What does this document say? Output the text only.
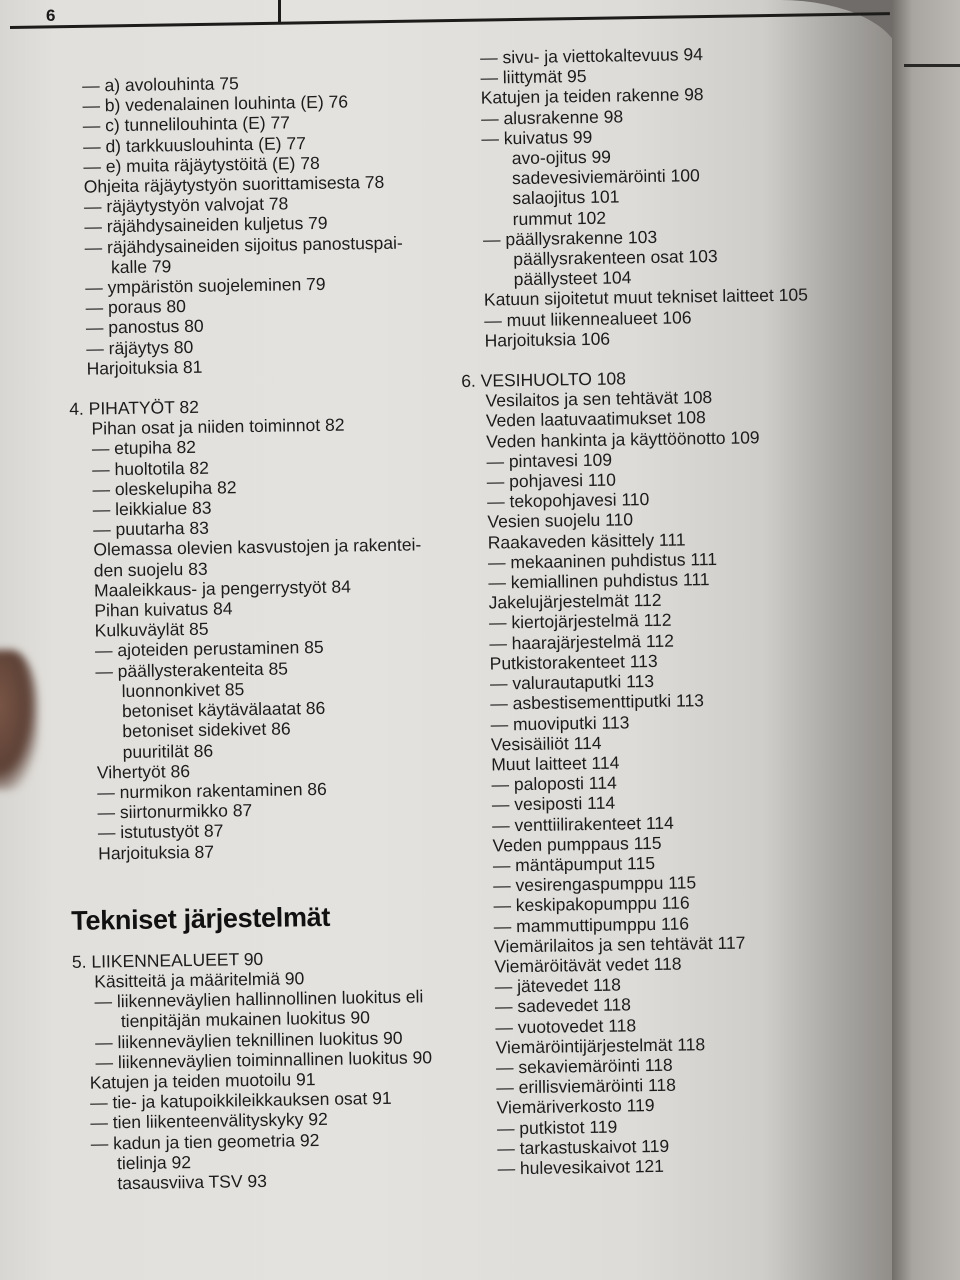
6
— a) avolouhinta 75
— b) vedenalainen louhinta (E) 76
— c) tunnelilouhinta (E) 77
— d) tarkkuuslouhinta (E) 77
— e) muita räjäytystöitä (E) 78
Ohjeita räjäytystyön suorittamisesta 78
— räjäytystyön valvojat 78
— räjähdysaineiden kuljetus 79
— räjähdysaineiden sijoitus panostuspai-
kalle 79
— ympäristön suojeleminen 79
— poraus 80
— panostus 80
— räjäytys 80
Harjoituksia 81
4. PIHATYÖT 82
Pihan osat ja niiden toiminnot 82
— etupiha 82
— huoltotila 82
— oleskelupiha 82
— leikkialue 83
— puutarha 83
Olemassa olevien kasvustojen ja rakentei-
den suojelu 83
Maaleikkaus- ja pengerrystyöt 84
Pihan kuivatus 84
Kulkuväylät 85
— ajoteiden perustaminen 85
— päällysterakenteita 85
luonnonkivet 85
betoniset käytävälaatat 86
betoniset sidekivet 86
puuritilät 86
Vihertyöt 86
— nurmikon rakentaminen 86
— siirtonurmikko 87
— istutustyöt 87
Harjoituksia 87
Tekniset järjestelmät
5. LIIKENNEALUEET 90
Käsitteitä ja määritelmiä 90
— liikenneväylien hallinnollinen luokitus eli
tienpitäjän mukainen luokitus 90
— liikenneväylien teknillinen luokitus 90
— liikenneväylien toiminnallinen luokitus 90
Katujen ja teiden muotoilu 91
— tie- ja katupoikkileikkauksen osat 91
— tien liikenteenvälityskyky 92
— kadun ja tien geometria 92
tielinja 92
tasausviiva TSV 93
— sivu- ja viettokaltevuus 94
— liittymät 95
Katujen ja teiden rakenne 98
— alusrakenne 98
— kuivatus 99
avo-ojitus 99
sadevesiviemäröinti 100
salaojitus 101
rummut 102
— päällysrakenne 103
päällysrakenteen osat 103
päällysteet 104
Katuun sijoitetut muut tekniset laitteet 105
— muut liikennealueet 106
Harjoituksia 106
6. VESIHUOLTO 108
Vesilaitos ja sen tehtävät 108
Veden laatuvaatimukset 108
Veden hankinta ja käyttöönotto 109
— pintavesi 109
— pohjavesi 110
— tekopohjavesi 110
Vesien suojelu 110
Raakaveden käsittely 111
— mekaaninen puhdistus 111
— kemiallinen puhdistus 111
Jakelujärjestelmät 112
— kiertojärjestelmä 112
— haarajärjestelmä 112
Putkistorakenteet 113
— valurautaputki 113
— asbestisementtiputki 113
— muoviputki 113
Vesisäiliöt 114
Muut laitteet 114
— paloposti 114
— vesiposti 114
— venttiilirakenteet 114
Veden pumppaus 115
— mäntäpumput 115
— vesirengaspumppu 115
— keskipakopumppu 116
— mammuttipumppu 116
Viemärilaitos ja sen tehtävät 117
Viemäröitävät vedet 118
— jätevedet 118
— sadevedet 118
— vuotovedet 118
Viemäröintijärjestelmät 118
— sekaviemäröinti 118
— erillisviemäröinti 118
Viemäriverkosto 119
— putkistot 119
— tarkastuskaivot 119
— hulevesikaivot 121
